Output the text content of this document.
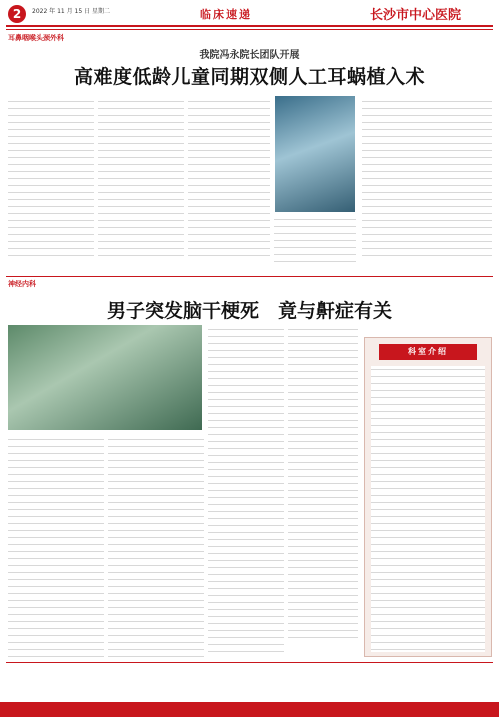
2	2022 年 11 月 15 日 星期二	临床速递	长沙市中心医院
耳鼻咽喉头颈外科
我院冯永院长团队开展
高难度低龄儿童同期双侧人工耳蜗植入术
神经内科
男子突发脑干梗死　竟与鼾症有关
科室介绍
